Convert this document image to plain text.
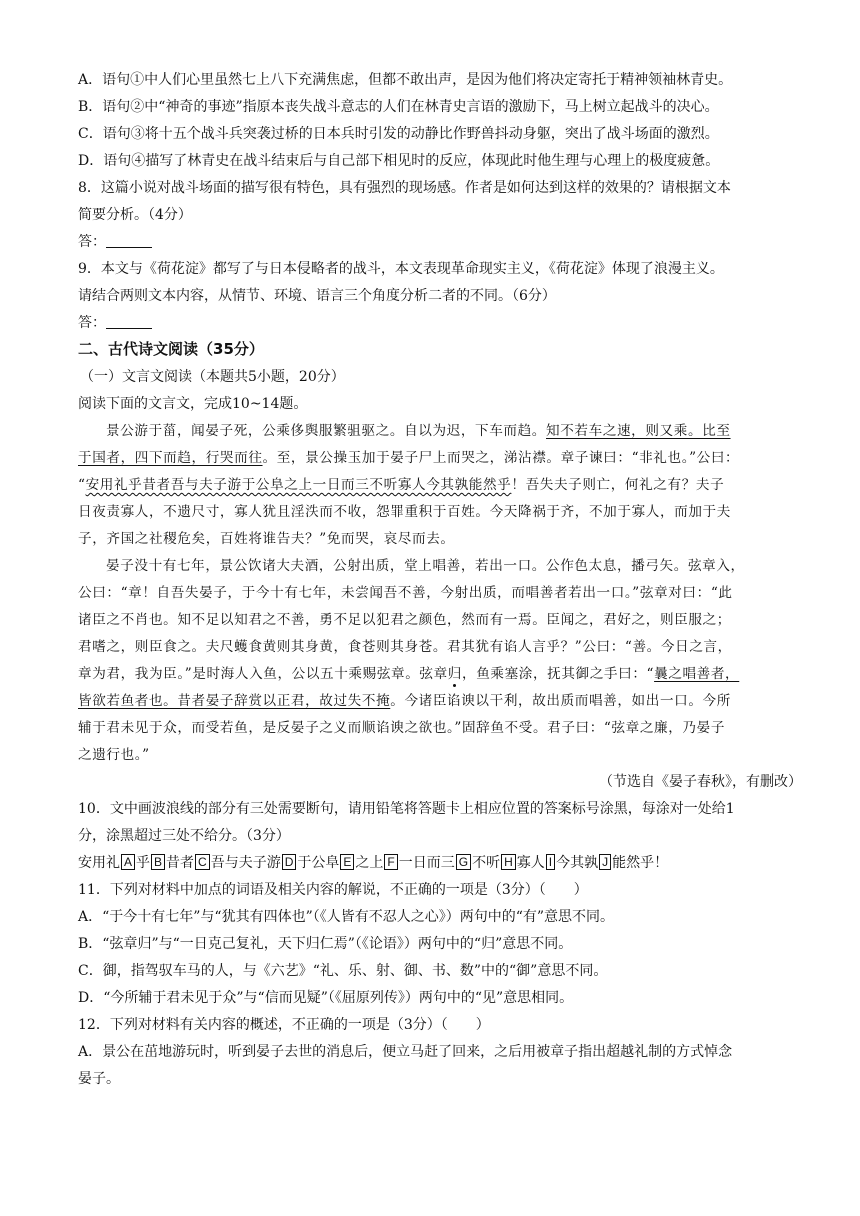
A．语句①中人们心里虽然七上八下充满焦虑，但都不敢出声，是因为他们将决定寄托于精神领袖林青史。
B．语句②中“神奇的事迹”指原本丧失战斗意志的人们在林青史言语的激励下，马上树立起战斗的决心。
C．语句③将十五个战斗兵突袭过桥的日本兵时引发的动静比作野兽抖动身躯，突出了战斗场面的激烈。
D．语句④描写了林青史在战斗结束后与自己部下相见时的反应，体现此时他生理与心理上的极度疲惫。
8．这篇小说对战斗场面的描写很有特色，具有强烈的现场感。作者是如何达到这样的效果的？请根据文本
简要分析。（4分）
答：
9．本文与《荷花淀》都写了与日本侵略者的战斗，本文表现革命现实主义，《荷花淀》体现了浪漫主义。
请结合两则文本内容，从情节、环境、语言三个角度分析二者的不同。（6分）
答：
二、古代诗文阅读（35分）
（一）文言文阅读（本题共5小题，20分）
阅读下面的文言文，完成10~14题。
景公游于菑，闻晏子死，公乘侈舆服繁驵驱之。自以为迟，下车而趋。知不若车之速，则又乘。比至
于国者，四下而趋，行哭而往。至，景公操玉加于晏子尸上而哭之，涕沾襟。章子谏曰：“非礼也。”公曰：
“安用礼乎昔者吾与夫子游于公阜之上一日而三不听寡人今其孰能然乎！吾失夫子则亡，何礼之有？夫子
日夜责寡人，不遗尺寸，寡人犹且淫泆而不收，怨罪重积于百姓。今天降祸于齐，不加于寡人，而加于夫
子，齐国之社稷危矣，百姓将谁告夫？”免而哭，哀尽而去。
晏子没十有七年，景公饮诸大夫酒，公射出质，堂上唱善，若出一口。公作色太息，播弓矢。弦章入，
公曰：“章！自吾失晏子，于今十有七年，未尝闻吾不善，今射出质，而唱善者若出一口。”弦章对曰：“此
诸臣之不肖也。知不足以知君之不善，勇不足以犯君之颜色，然而有一焉。臣闻之，君好之，则臣服之；
君嗜之，则臣食之。夫尺蠖食黄则其身黄，食苍则其身苍。君其犹有谄人言乎？”公曰：“善。今日之言，
章为君，我为臣。”是时海人入鱼，公以五十乘赐弦章。弦章归，鱼乘塞涂，抚其御之手曰：“曩之唱善者，
皆欲若鱼者也。昔者晏子辞赏以正君，故过失不掩。今诸臣谄谀以干利，故出质而唱善，如出一口。今所
辅于君未见于众，而受若鱼，是反晏子之义而顺谄谀之欲也。”固辞鱼不受。君子曰：“弦章之廉，乃晏子
之遗行也。”
（节选自《晏子春秋》，有删改）
10．文中画波浪线的部分有三处需要断句，请用铅笔将答题卡上相应位置的答案标号涂黑，每涂对一处给1
分，涂黑超过三处不给分。（3分）
安用礼 A 乎 B 昔者 C 吾与夫子游 D 于公阜 E 之上 F 一日而三 G 不听 H 寡人 I 今其孰 J 能然乎！
11．下列对材料中加点的词语及相关内容的解说，不正确的一项是（3分）（　　）
A．“于今十有七年”与“犹其有四体也”（《人皆有不忍人之心》）两句中的“有”意思不同。
B．“弦章归”与“一日克己复礼，天下归仁焉”（《论语》）两句中的“归”意思不同。
C．御，指驾驭车马的人，与《六艺》“礼、乐、射、御、书、数”中的“御”意思不同。
D．“今所辅于君未见于众”与“信而见疑”（《屈原列传》）两句中的“见”意思相同。
12．下列对材料有关内容的概述，不正确的一项是（3分）（　　）
A．景公在茁地游玩时，听到晏子去世的消息后，便立马赶了回来，之后用被章子指出超越礼制的方式悼念
晏子。
